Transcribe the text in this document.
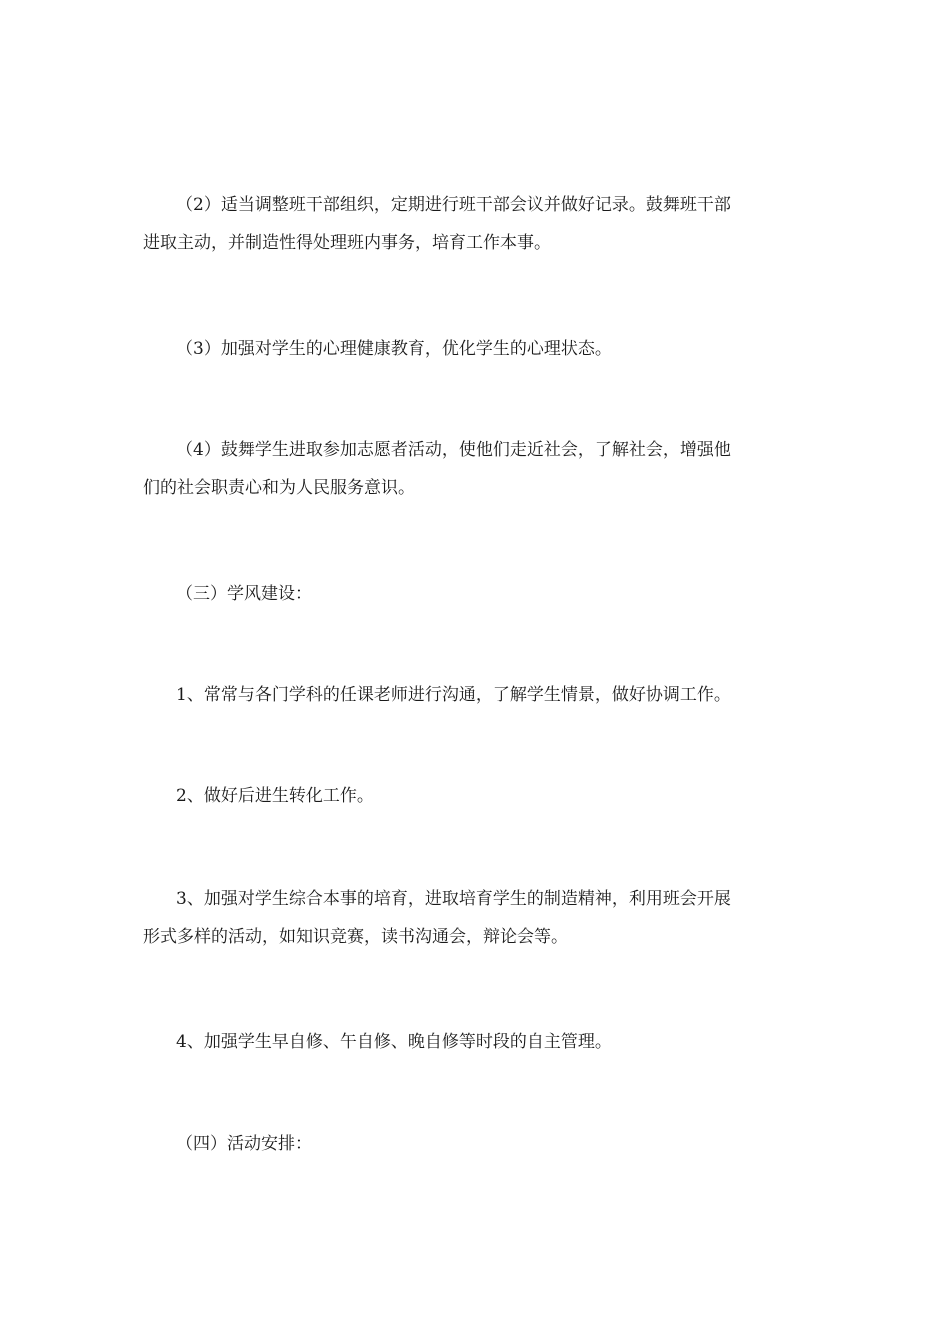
（2）适当调整班干部组织，定期进行班干部会议并做好记录。鼓舞班干部
进取主动，并制造性得处理班内事务，培育工作本事。

（3）加强对学生的心理健康教育，优化学生的心理状态。

（4）鼓舞学生进取参加志愿者活动，使他们走近社会，了解社会，增强他
们的社会职责心和为人民服务意识。

（三）学风建设：

1、常常与各门学科的任课老师进行沟通，了解学生情景，做好协调工作。

2、做好后进生转化工作。

3、加强对学生综合本事的培育，进取培育学生的制造精神，利用班会开展
形式多样的活动，如知识竞赛，读书沟通会，辩论会等。

4、加强学生早自修、午自修、晚自修等时段的自主管理。

（四）活动安排：
